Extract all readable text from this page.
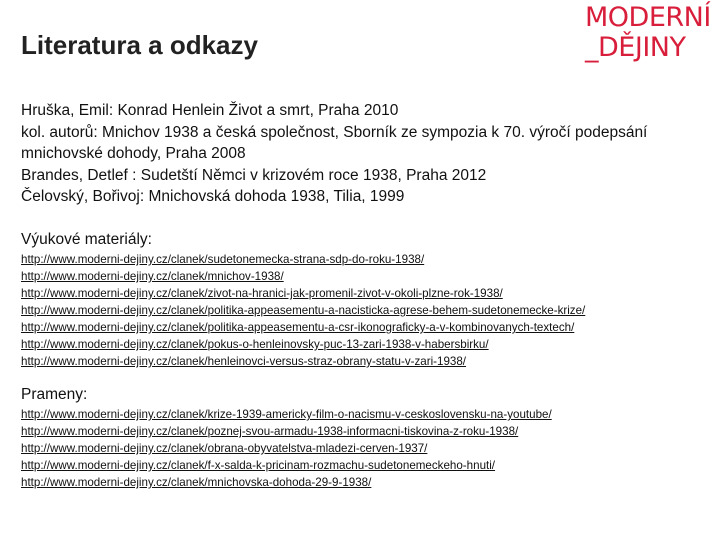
Literatura a odkazy
MODERNÍ
_DĚJINY
Hruška, Emil: Konrad Henlein Život a smrt, Praha 2010
kol. autorů: Mnichov 1938 a česká společnost, Sborník ze sympozia k 70. výročí podepsání mnichovské dohody, Praha 2008
Brandes, Detlef : Sudetští Němci v krizovém roce 1938, Praha 2012
Čelovský, Bořivoj: Mnichovská dohoda 1938, Tilia, 1999
Výukové materiály:
http://www.moderni-dejiny.cz/clanek/sudetonemecka-strana-sdp-do-roku-1938/
http://www.moderni-dejiny.cz/clanek/mnichov-1938/
http://www.moderni-dejiny.cz/clanek/zivot-na-hranici-jak-promenil-zivot-v-okoli-plzne-rok-1938/
http://www.moderni-dejiny.cz/clanek/politika-appeasementu-a-nacisticka-agrese-behem-sudetonemecke-krize/
http://www.moderni-dejiny.cz/clanek/politika-appeasementu-a-csr-ikonograficky-a-v-kombinovanych-textech/
http://www.moderni-dejiny.cz/clanek/pokus-o-henleinovsky-puc-13-zari-1938-v-habersbirku/
http://www.moderni-dejiny.cz/clanek/henleinovci-versus-straz-obrany-statu-v-zari-1938/
Prameny:
http://www.moderni-dejiny.cz/clanek/krize-1939-americky-film-o-nacismu-v-ceskoslovensku-na-youtube/
http://www.moderni-dejiny.cz/clanek/poznej-svou-armadu-1938-informacni-tiskovina-z-roku-1938/
http://www.moderni-dejiny.cz/clanek/obrana-obyvatelstva-mladezi-cerven-1937/
http://www.moderni-dejiny.cz/clanek/f-x-salda-k-pricinam-rozmachu-sudetonemeckeho-hnuti/
http://www.moderni-dejiny.cz/clanek/mnichovska-dohoda-29-9-1938/
